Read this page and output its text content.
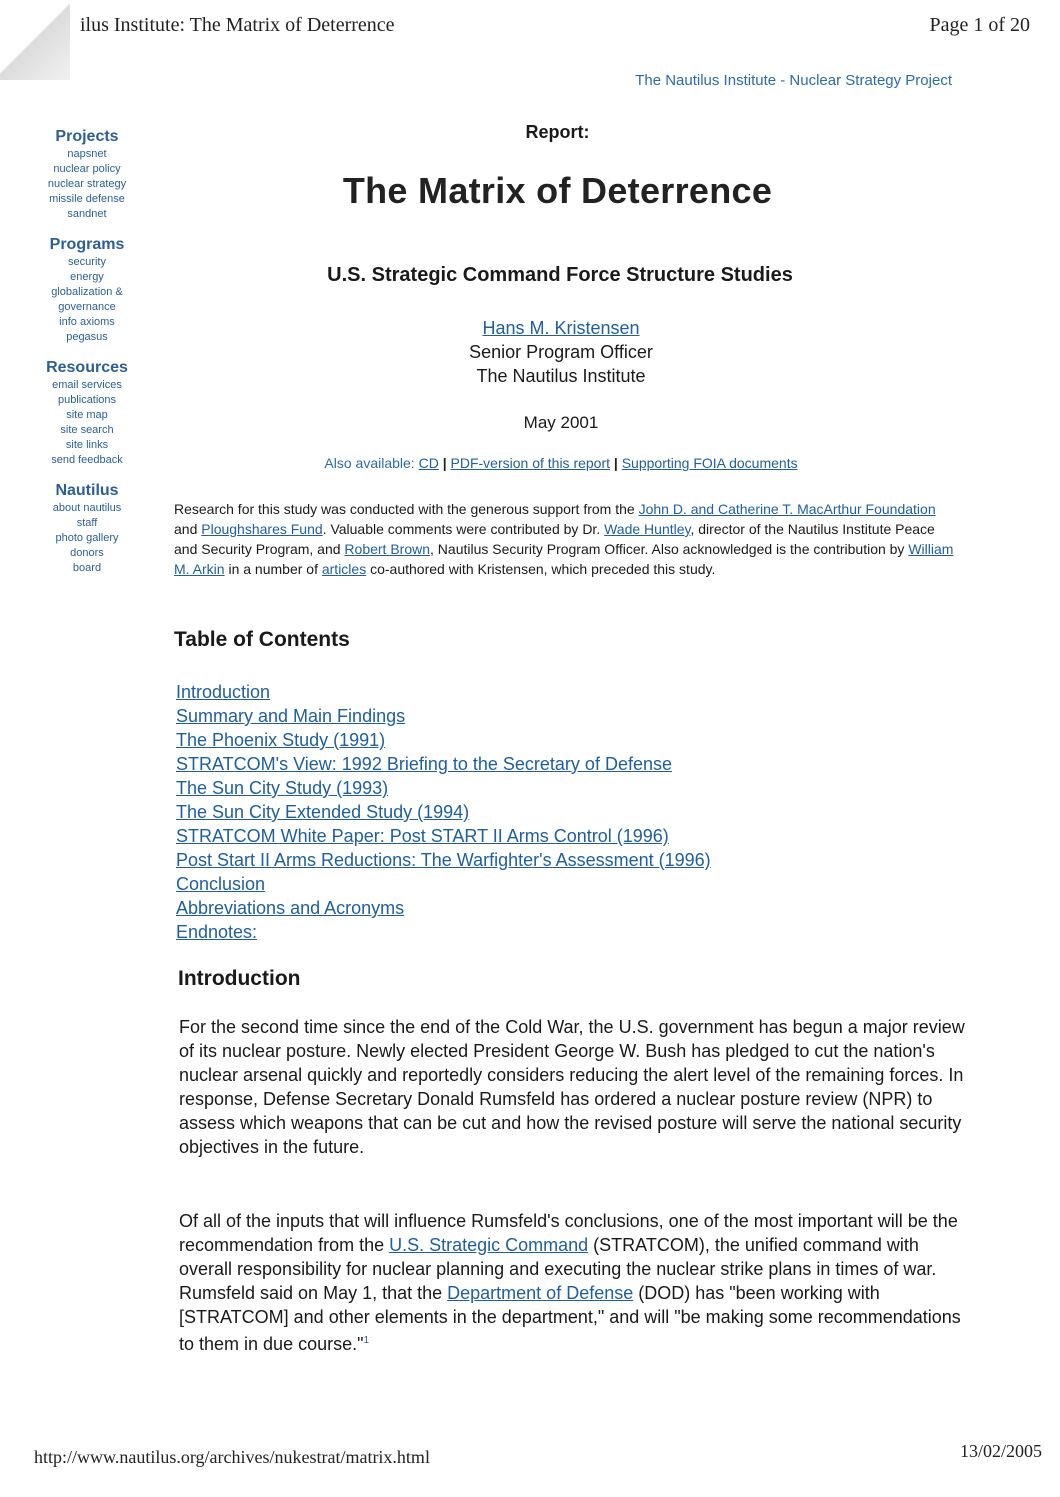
ilus Institute: The Matrix of Deterrence	Page 1 of 20
The Nautilus Institute - Nuclear Strategy Project
Projects
napsnet
nuclear policy
nuclear strategy
missile defense
sandnet
Programs
security
energy
globalization &
governance
info axioms
pegasus
Resources
email services
publications
site map
site search
site links
send feedback
Nautilus
about nautilus
staff
photo gallery
donors
board
Report:
The Matrix of Deterrence
U.S. Strategic Command Force Structure Studies
Hans M. Kristensen
Senior Program Officer
The Nautilus Institute
May 2001
Also available: CD | PDF-version of this report | Supporting FOIA documents

Research for this study was conducted with the generous support from the John D. and Catherine T. MacArthur Foundation and Ploughshares Fund. Valuable comments were contributed by Dr. Wade Huntley, director of the Nautilus Institute Peace and Security Program, and Robert Brown, Nautilus Security Program Officer. Also acknowledged is the contribution by William M. Arkin in a number of articles co-authored with Kristensen, which preceded this study.

Table of Contents
Introduction
Summary and Main Findings
The Phoenix Study (1991)
STRATCOM's View: 1992 Briefing to the Secretary of Defense
The Sun City Study (1993)
The Sun City Extended Study (1994)
STRATCOM White Paper: Post START II Arms Control (1996)
Post Start II Arms Reductions: The Warfighter's Assessment (1996)
Conclusion
Abbreviations and Acronyms
Endnotes:
Introduction

For the second time since the end of the Cold War, the U.S. government has begun a major review of its nuclear posture. Newly elected President George W. Bush has pledged to cut the nation's nuclear arsenal quickly and reportedly considers reducing the alert level of the remaining forces. In response, Defense Secretary Donald Rumsfeld has ordered a nuclear posture review (NPR) to assess which weapons that can be cut and how the revised posture will serve the national security objectives in the future.

Of all of the inputs that will influence Rumsfeld's conclusions, one of the most important will be the recommendation from the U.S. Strategic Command (STRATCOM), the unified command with overall responsibility for nuclear planning and executing the nuclear strike plans in times of war. Rumsfeld said on May 1, that the Department of Defense (DOD) has "been working with [STRATCOM] and other elements in the department," and will "be making some recommendations to them in due course."$^1$

http://www.nautilus.org/archives/nukestrat/matrix.html	13/02/2005
